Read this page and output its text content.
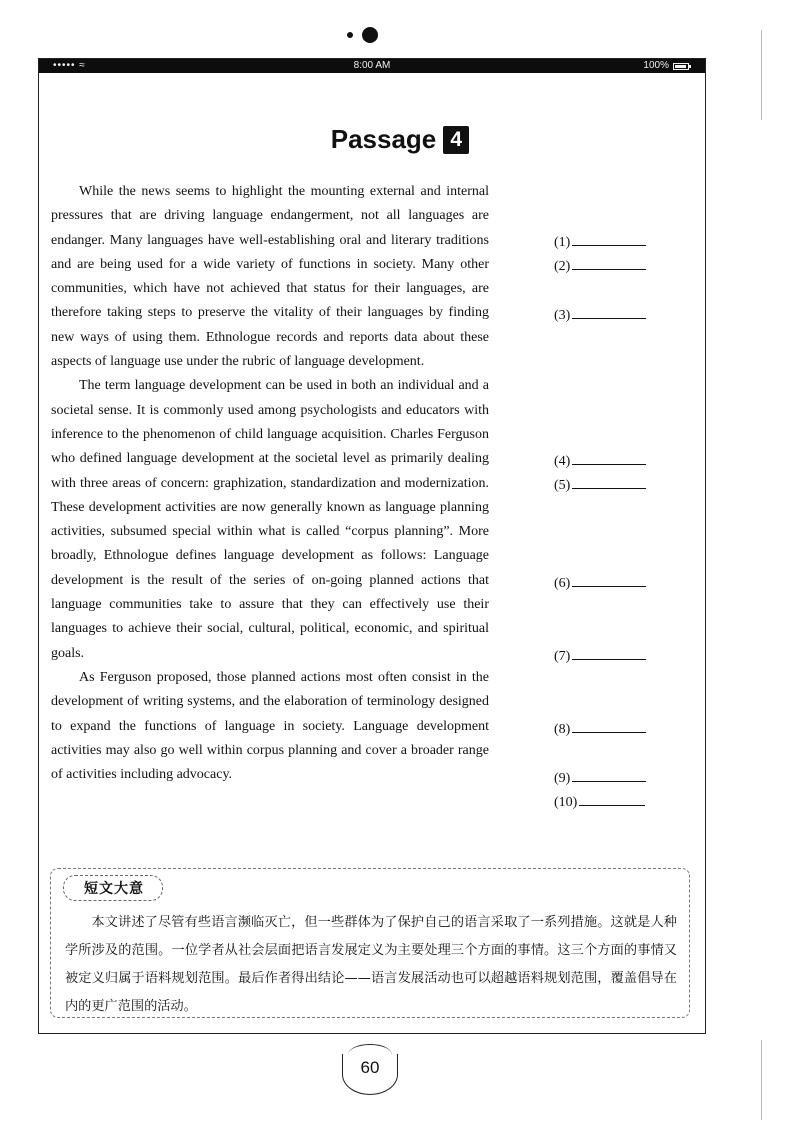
••••• ≈	8:00 AM	100%
Passage 4

While the news seems to highlight the mounting external and internal pressures that are driving language endangerment, not all languages are endanger. Many languages have well-establishing oral and literary traditions and are being used for a wide variety of functions in society. Many other communities, which have not achieved that status for their languages, are therefore taking steps to preserve the vitality of their languages by finding new ways of using them. Ethnologue records and reports data about these aspects of language use under the rubric of language development.

The term language development can be used in both an individual and a societal sense. It is commonly used among psychologists and educators with inference to the phenomenon of child language acquisition. Charles Ferguson who defined language development at the societal level as primarily dealing with three areas of concern: graphization, standardization and modernization. These development activities are now generally known as language planning activities, subsumed special within what is called “corpus planning”. More broadly, Ethnologue defines language development as follows: Language development is the result of the series of on-going planned actions that language communities take to assure that they can effectively use their languages to achieve their social, cultural, political, economic, and spiritual goals.

As Ferguson proposed, those planned actions most often consist in the development of writing systems, and the elaboration of terminology designed to expand the functions of language in society. Language development activities may also go well within corpus planning and cover a broader range of activities including advocacy.

(1)
(2)
(3)
(4)
(5)
(6)
(7)
(8)
(9)
(10)
短文大意
本文讲述了尽管有些语言濒临灭亡，但一些群体为了保护自己的语言采取了一系列措施。这就是人种学所涉及的范围。一位学者从社会层面把语言发展定义为主要处理三个方面的事情。这三个方面的事情又被定义归属于语料规划范围。最后作者得出结论——语言发展活动也可以超越语料规划范围，覆盖倡导在内的更广范围的活动。
60
